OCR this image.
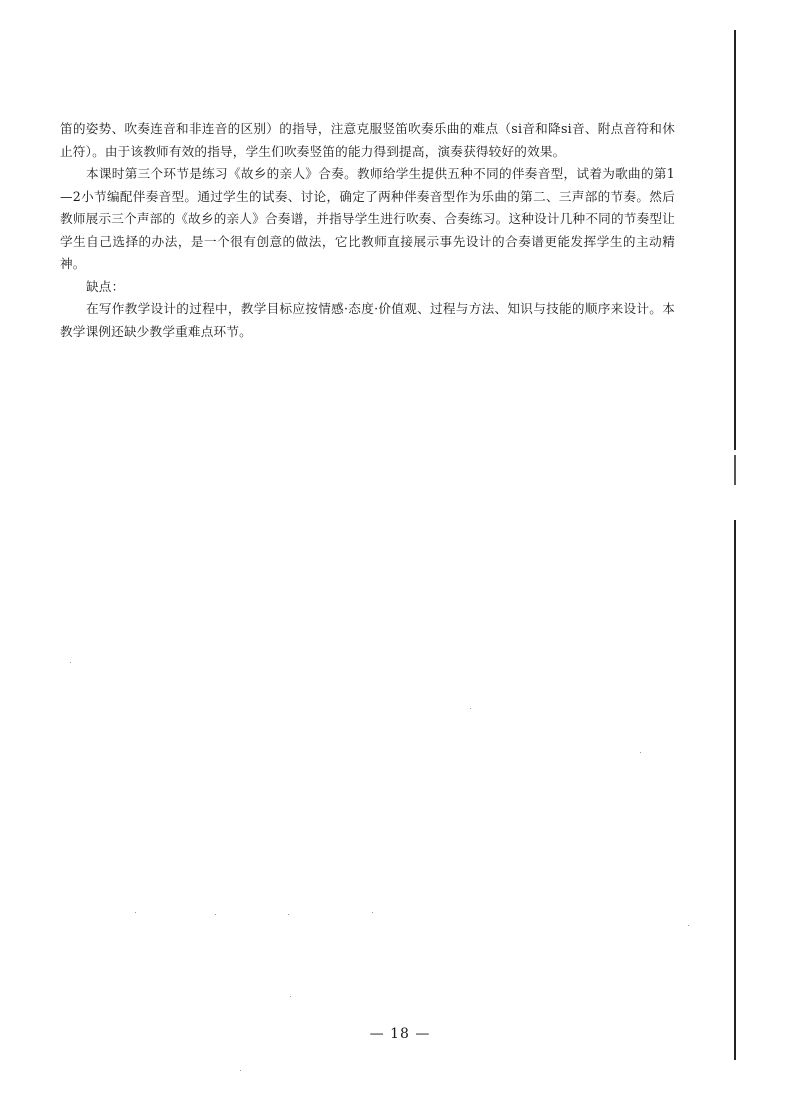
笛的姿势、吹奏连音和非连音的区别）的指导，注意克服竖笛吹奏乐曲的难点（si音和降si音、附点音符和休止符）。由于该教师有效的指导，学生们吹奏竖笛的能力得到提高，演奏获得较好的效果。

本课时第三个环节是练习《故乡的亲人》合奏。教师给学生提供五种不同的伴奏音型，试着为歌曲的第1—2小节编配伴奏音型。通过学生的试奏、讨论，确定了两种伴奏音型作为乐曲的第二、三声部的节奏。然后教师展示三个声部的《故乡的亲人》合奏谱，并指导学生进行吹奏、合奏练习。这种设计几种不同的节奏型让学生自己选择的办法，是一个很有创意的做法，它比教师直接展示事先设计的合奏谱更能发挥学生的主动精神。

缺点：

在写作教学设计的过程中，教学目标应按情感·态度·价值观、过程与方法、知识与技能的顺序来设计。本教学课例还缺少教学重难点环节。

— 18 —
